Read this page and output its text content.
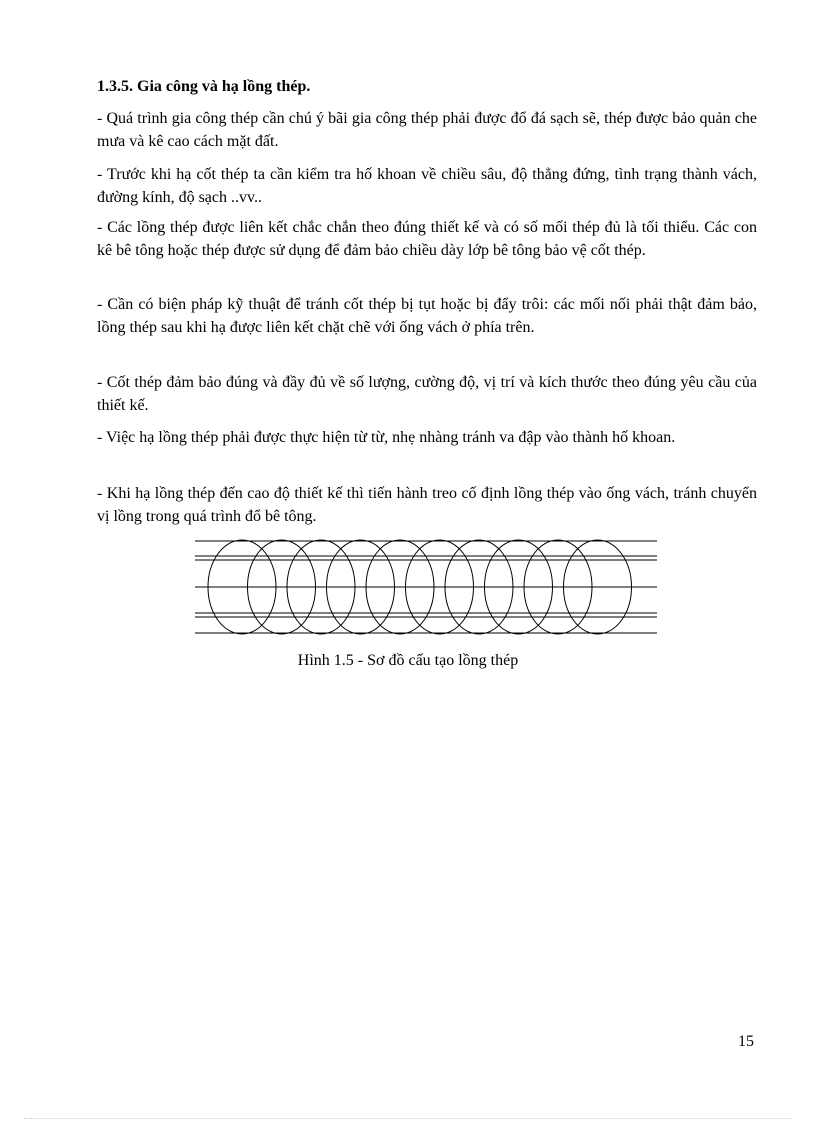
1.3.5. Gia công và hạ lồng thép.
- Quá trình gia công thép cần chú ý bãi gia công thép phải được đổ đá sạch sẽ, thép được bảo quản che mưa và kê cao cách mặt đất.
- Trước khi hạ cốt thép ta cần kiểm tra hố khoan về chiều sâu, độ thẳng đứng, tình trạng thành vách, đường kính, độ sạch ..vv..
- Các lồng thép được liên kết chắc chắn theo đúng thiết kế và có số mối thép đủ là tối thiểu. Các con kê bê tông hoặc thép được sử dụng để đảm bảo chiều dày lớp bê tông bảo vệ cốt thép.
- Cần có biện pháp kỹ thuật để tránh cốt thép bị tụt hoặc bị đẩy trôi: các mối nối phải thật đảm bảo, lồng thép sau khi hạ được liên kết chặt chẽ với ống vách ở phía trên.
- Cốt thép đảm bảo đúng và đầy đủ về số lượng, cường độ, vị trí và kích thước theo đúng yêu cầu của thiết kế.
- Việc hạ lồng thép phải được thực hiện từ từ, nhẹ nhàng tránh va đập vào thành hố khoan.
- Khi hạ lồng thép đến cao độ thiết kế thì tiến hành treo cố định lồng thép vào ống vách, tránh chuyển vị lồng trong quá trình đổ bê tông.
Hình 1.5 - Sơ đồ cấu tạo lồng thép
15
